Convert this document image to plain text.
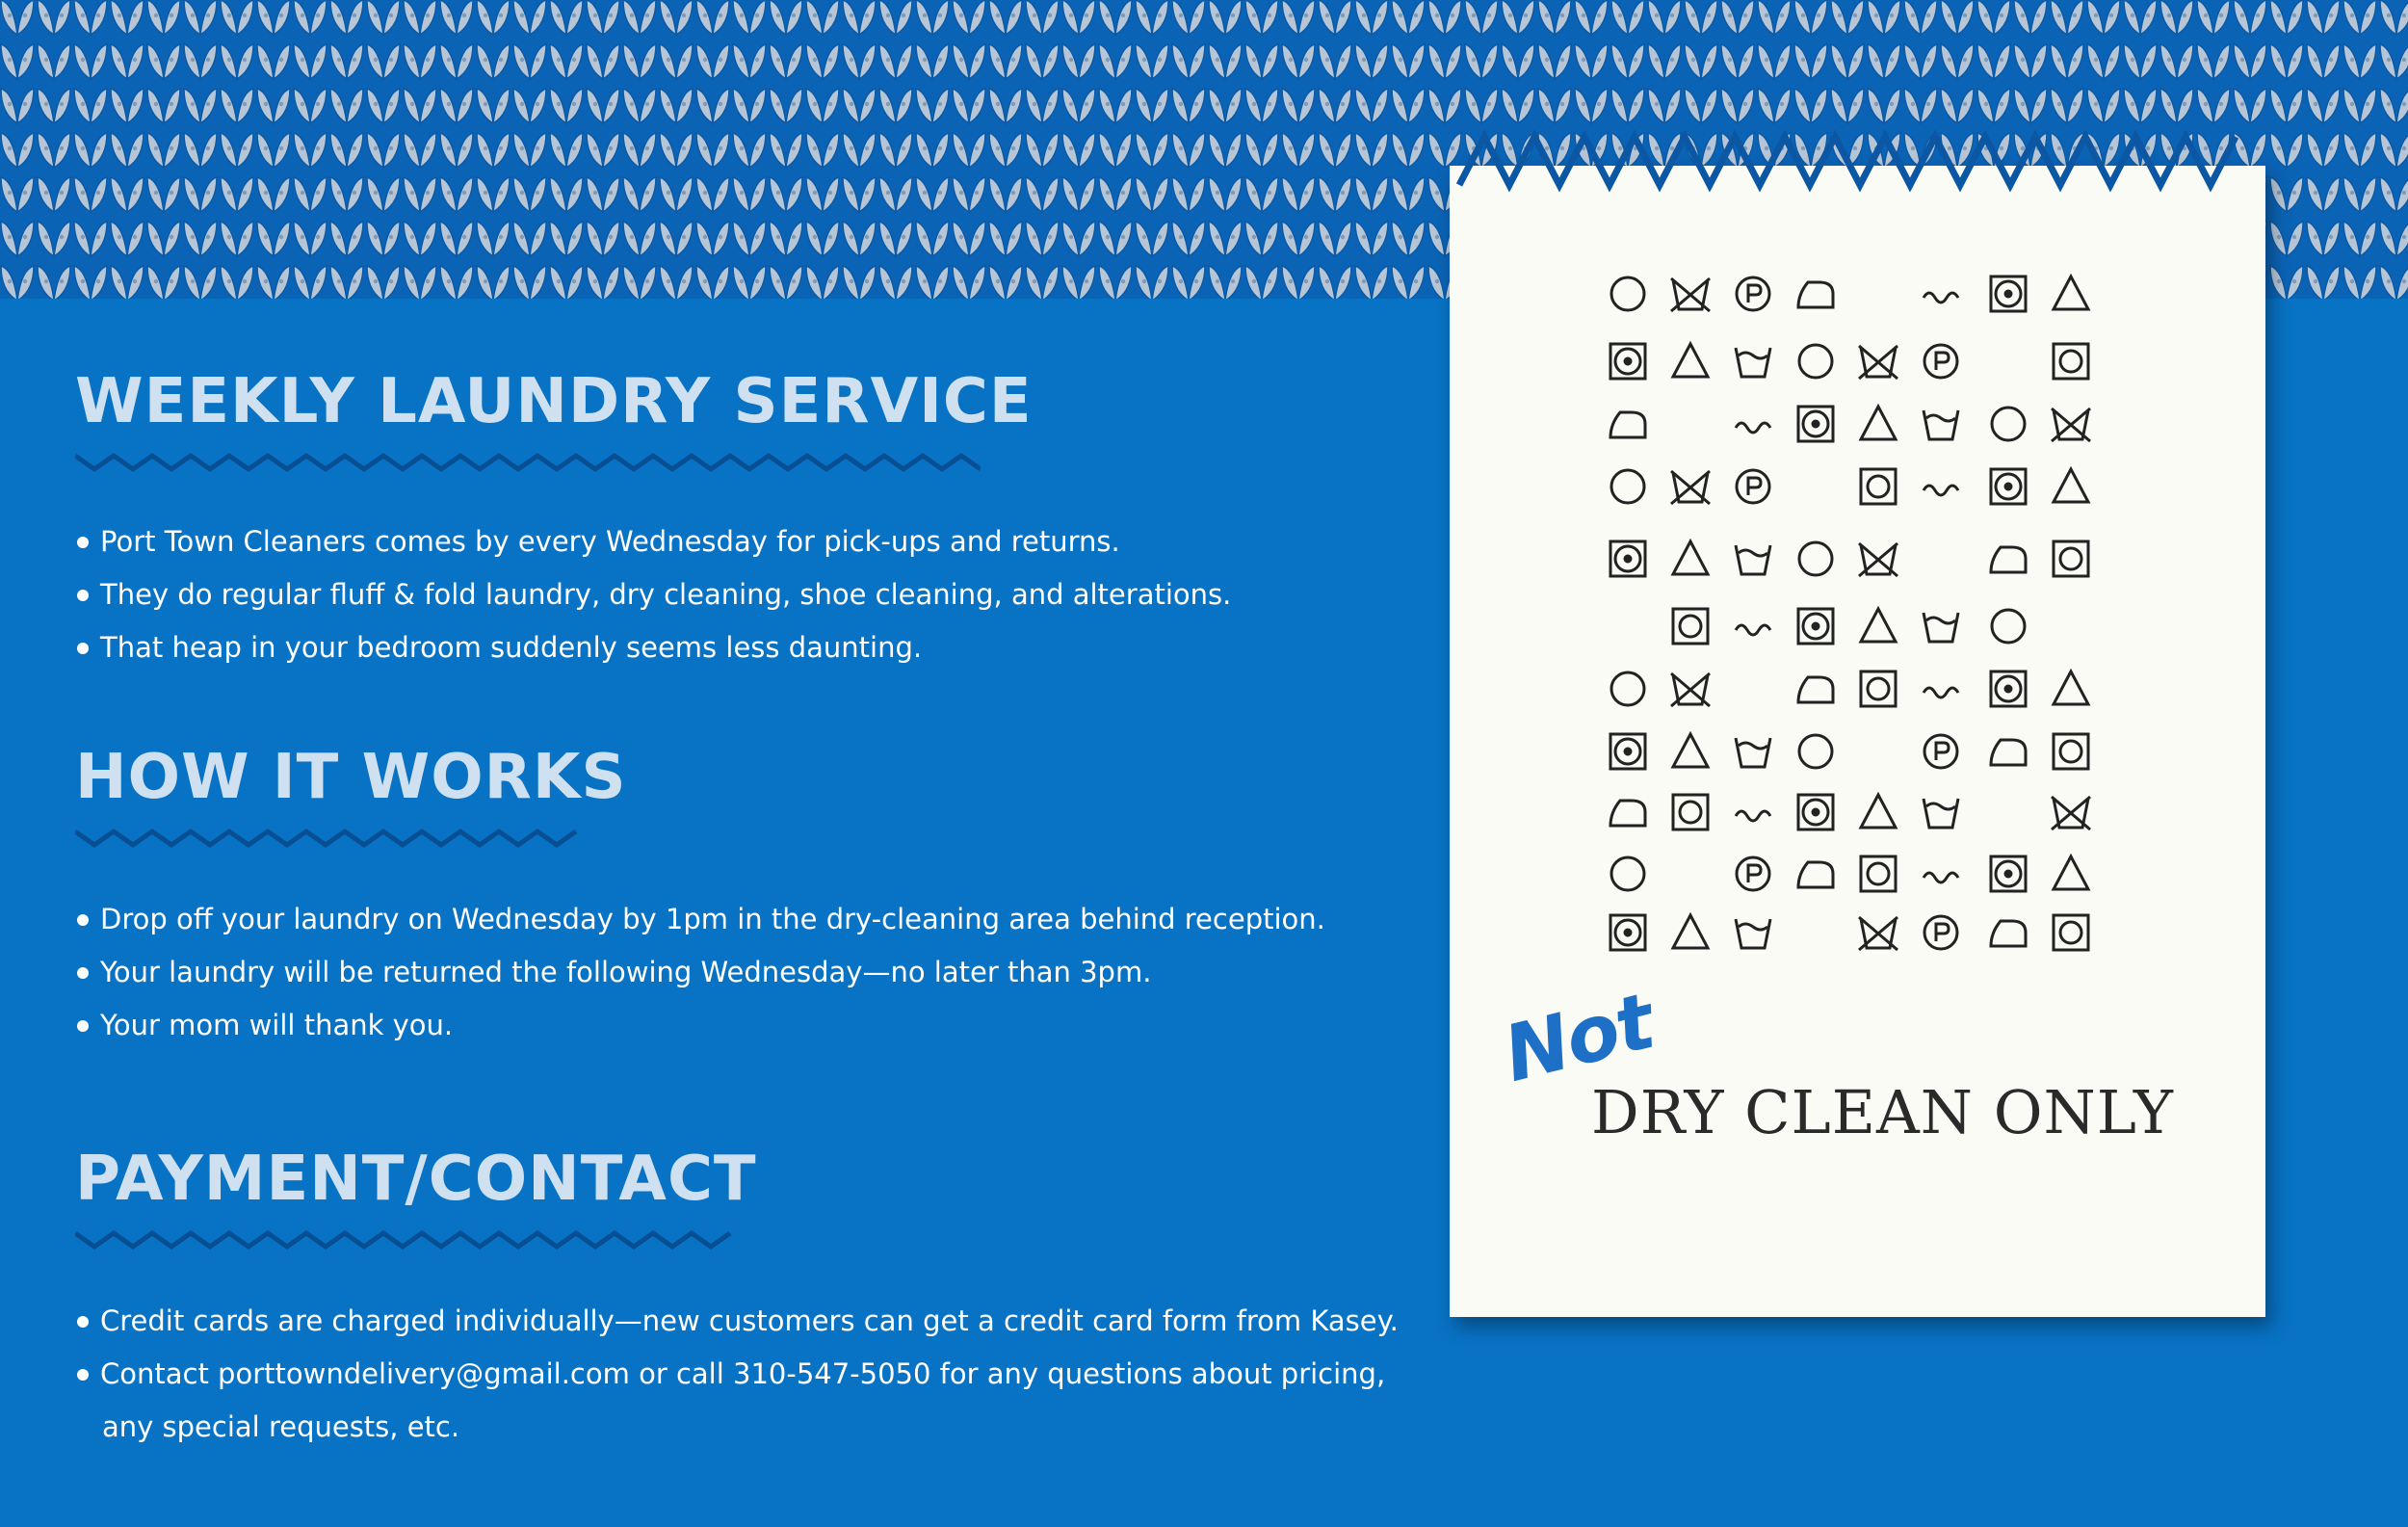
WEEKLY LAUNDRY SERVICE
Port Town Cleaners comes by every Wednesday for pick-ups and returns.
They do regular fluff & fold laundry, dry cleaning, shoe cleaning, and alterations.
That heap in your bedroom suddenly seems less daunting.
HOW IT WORKS
Drop off your laundry on Wednesday by 1pm in the dry-cleaning area behind reception.
Your laundry will be returned the following Wednesday—no later than 3pm.
Your mom will thank you.
PAYMENT/CONTACT
Credit cards are charged individually—new customers can get a credit card form from Kasey.
Contact porttowndelivery@gmail.com or call 310-547-5050 for any questions about pricing,
any special requests, etc.
Not
DRY CLEAN ONLY
